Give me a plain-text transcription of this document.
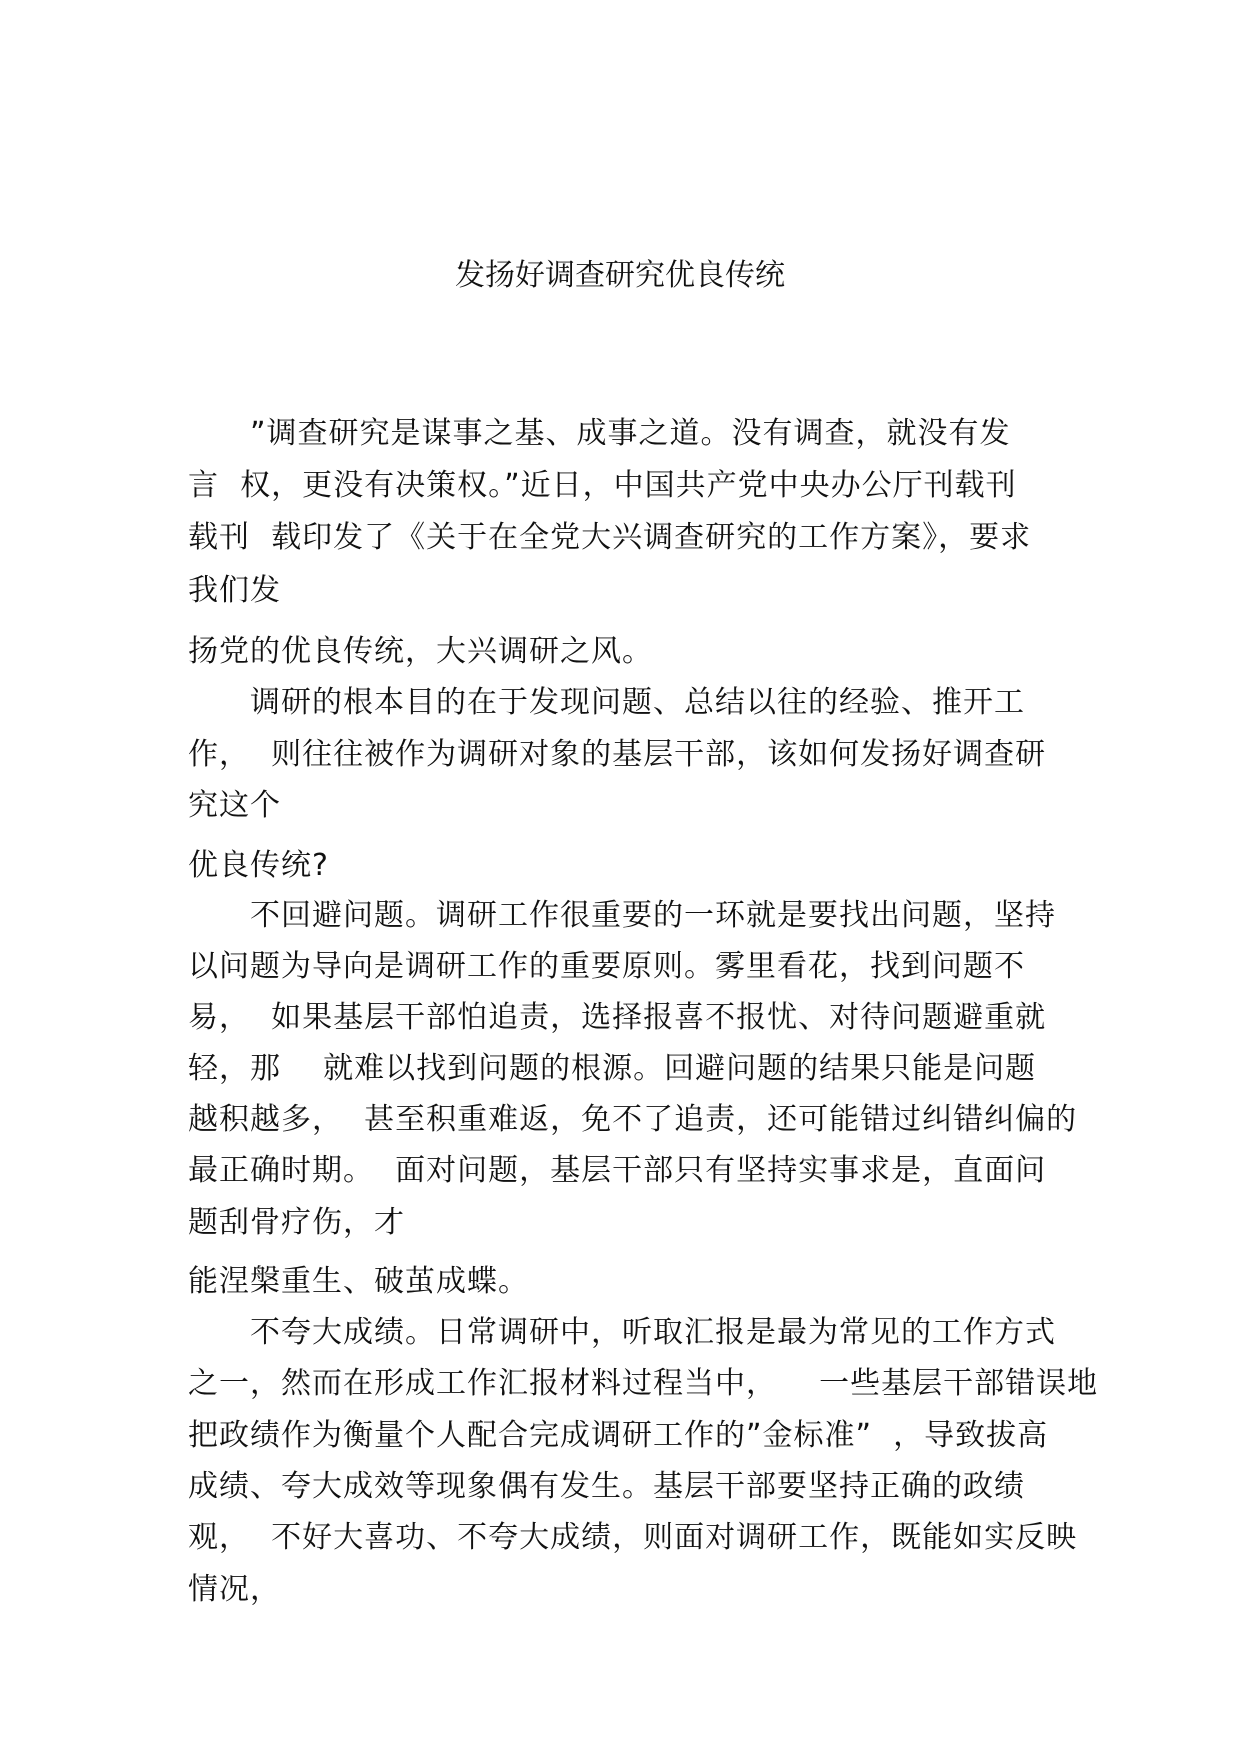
发扬好调查研究优良传统
”调查研究是谋事之基、成事之道。没有调查，就没有发
言  权，更没有决策权。”近日，中国共产党中央办公厅刊载刊
载刊  载印发了《关于在全党大兴调查研究的工作方案》，要求
我们发
扬党的优良传统，大兴调研之风。
调研的根本目的在于发现问题、总结以往的经验、推开工
作，  则往往被作为调研对象的基层干部，该如何发扬好调查研
究这个
优良传统?
不回避问题。调研工作很重要的一环就是要找出问题，坚持
以问题为导向是调研工作的重要原则。雾里看花，找到问题不
易，  如果基层干部怕追责，选择报喜不报忧、对待问题避重就
轻，那    就难以找到问题的根源。回避问题的结果只能是问题
越积越多，  甚至积重难返，免不了追责，还可能错过纠错纠偏的
最正确时期。  面对问题，基层干部只有坚持实事求是，直面问
题刮骨疗伤，才
能涅槃重生、破茧成蝶。
不夸大成绩。日常调研中，听取汇报是最为常见的工作方式
之一，然而在形成工作汇报材料过程当中，    一些基层干部错误地
把政绩作为衡量个人配合完成调研工作的”金标准”  ，导致拔高
成绩、夸大成效等现象偶有发生。基层干部要坚持正确的政绩
观，  不好大喜功、不夸大成绩，则面对调研工作，既能如实反映
情况，
